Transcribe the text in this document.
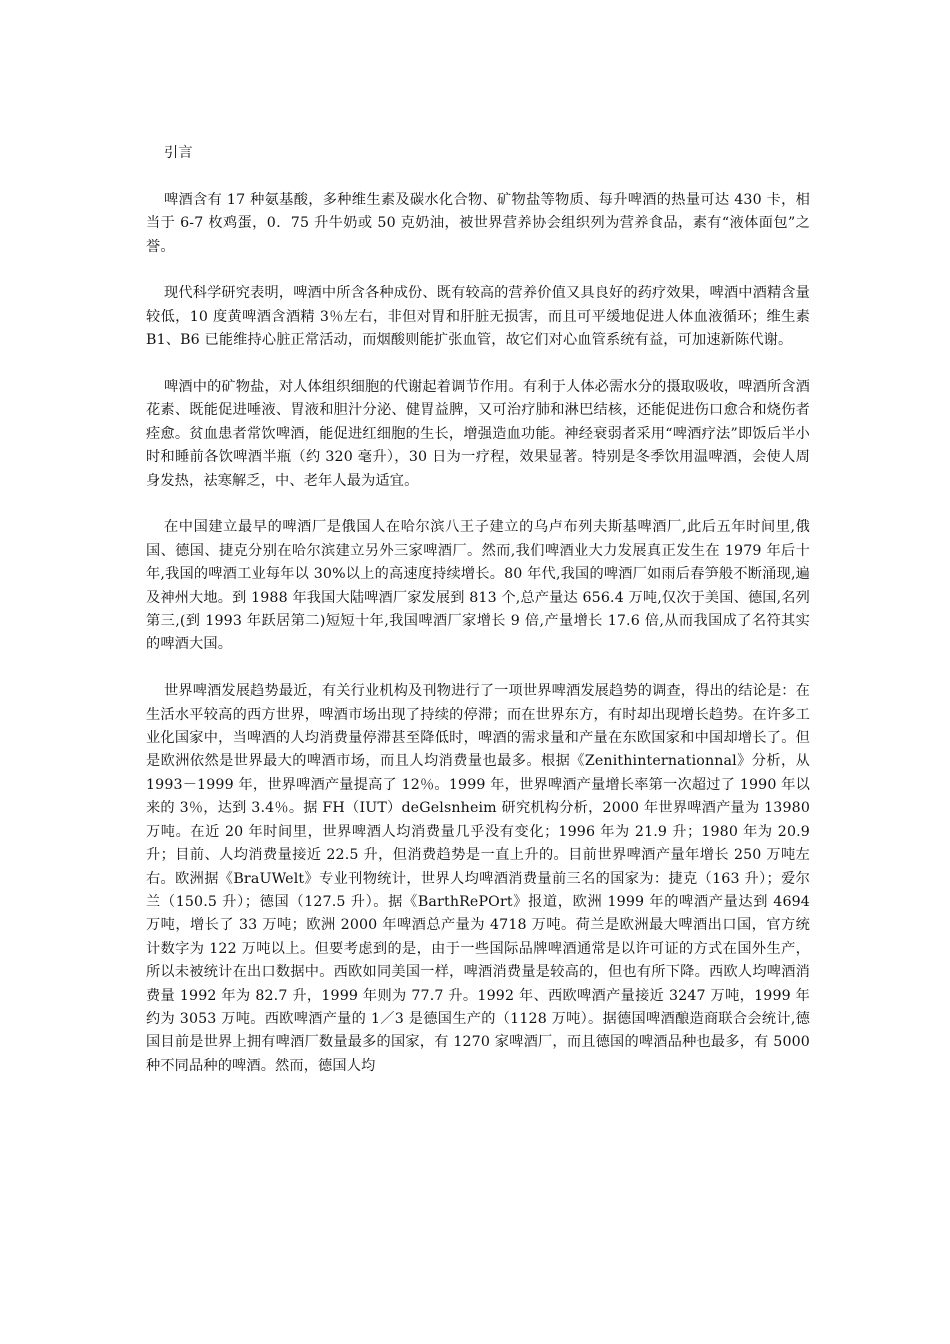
引言

啤酒含有 17 种氨基酸，多种维生素及碳水化合物、矿物盐等物质、每升啤酒的热量可达 430 卡，相当于 6-7 枚鸡蛋，0．75 升牛奶或 50 克奶油，被世界营养协会组织列为营养食品，素有“液体面包”之誉。

现代科学研究表明，啤酒中所含各种成份、既有较高的营养价值又具良好的药疗效果，啤酒中酒精含量较低，10 度黄啤酒含酒精 3％左右，非但对胃和肝脏无损害，而且可平缓地促进人体血液循环；维生素 B1、B6 已能维持心脏正常活动，而烟酸则能扩张血管，故它们对心血管系统有益，可加速新陈代谢。

啤酒中的矿物盐，对人体组织细胞的代谢起着调节作用。有利于人体必需水分的摄取吸收，啤酒所含酒花素、既能促进唾液、胃液和胆汁分泌、健胃益脾，又可治疗肺和淋巴结核，还能促进伤口愈合和烧伤者痊愈。贫血患者常饮啤酒，能促进红细胞的生长，增强造血功能。神经衰弱者采用“啤酒疗法”即饭后半小时和睡前各饮啤酒半瓶（约 320 毫升），30 日为一疗程，效果显著。特别是冬季饮用温啤酒，会使人周身发热，祛寒解乏，中、老年人最为适宜。

在中国建立最早的啤酒厂是俄国人在哈尔滨八王子建立的乌卢布列夫斯基啤酒厂,此后五年时间里,俄国、德国、捷克分别在哈尔滨建立另外三家啤酒厂。然而,我们啤酒业大力发展真正发生在 1979 年后十年,我国的啤酒工业每年以 30%以上的高速度持续增长。80 年代,我国的啤酒厂如雨后春笋般不断涌现,遍及神州大地。到 1988 年我国大陆啤酒厂家发展到 813 个,总产量达 656.4 万吨,仅次于美国、德国,名列第三,(到 1993 年跃居第二)短短十年,我国啤酒厂家增长 9 倍,产量增长 17.6 倍,从而我国成了名符其实的啤酒大国。

世界啤酒发展趋势最近，有关行业机构及刊物进行了一项世界啤酒发展趋势的调查，得出的结论是：在生活水平较高的西方世界，啤酒市场出现了持续的停滞；而在世界东方，有时却出现增长趋势。在许多工业化国家中，当啤酒的人均消费量停滞甚至降低时，啤酒的需求量和产量在东欧国家和中国却增长了。但是欧洲依然是世界最大的啤酒市场，而且人均消费量也最多。根据《Zenithinternationnal》分析，从 1993－1999 年，世界啤酒产量提高了 12％。1999 年，世界啤酒产量增长率第一次超过了 1990 年以来的 3％，达到 3.4％。据 FH（IUT）deGelsnheim 研究机构分析，2000 年世界啤酒产量为 13980 万吨。在近 20 年时间里，世界啤酒人均消费量几乎没有变化；1996 年为 21.9 升；1980 年为 20.9 升；目前、人均消费量接近 22.5 升，但消费趋势是一直上升的。目前世界啤酒产量年增长 250 万吨左右。欧洲据《BraUWelt》专业刊物统计，世界人均啤酒消费量前三名的国家为：捷克（163 升）；爱尔兰（150.5 升）；德国（127.5 升）。据《BarthRePOrt》报道，欧洲 1999 年的啤酒产量达到 4694 万吨，增长了 33 万吨；欧洲 2000 年啤酒总产量为 4718 万吨。荷兰是欧洲最大啤酒出口国，官方统计数字为 122 万吨以上。但要考虑到的是，由于一些国际品牌啤酒通常是以许可证的方式在国外生产，所以未被统计在出口数据中。西欧如同美国一样，啤酒消费量是较高的，但也有所下降。西欧人均啤酒消费量 1992 年为 82.7 升，1999 年则为 77.7 升。1992 年、西欧啤酒产量接近 3247 万吨，1999 年约为 3053 万吨。西欧啤酒产量的 1／3 是德国生产的（1128 万吨）。据德国啤酒酿造商联合会统计,德国目前是世界上拥有啤酒厂数量最多的国家，有 1270 家啤酒厂，而且德国的啤酒品种也最多，有 5000 种不同品种的啤酒。然而，德国人均
